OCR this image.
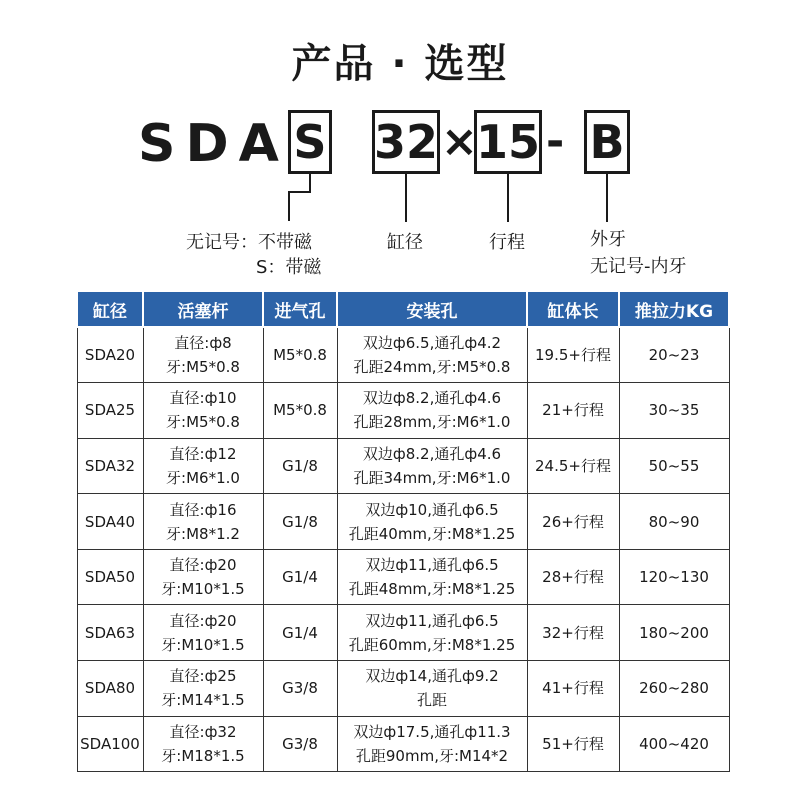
产品 · 选型
SDA S 32 ×
15 - B
无记号：不带磁
S：带磁
缸径	行程	外牙
无记号-内牙
缸径	活塞杆	进气孔	安装孔	缸体长	推拉力KG

SDA20	直径:ф8
牙:M5*0.8	M5*0.8	双边ф6.5,通孔ф4.2
孔距24mm,牙:M5*0.8	19.5+行程	20~23

SDA25	直径:ф10
牙:M5*0.8	M5*0.8	双边ф8.2,通孔ф4.6
孔距28mm,牙:M6*1.0	21+行程	30~35

SDA32	直径:ф12
牙:M6*1.0	G1/8	双边ф8.2,通孔ф4.6
孔距34mm,牙:M6*1.0	24.5+行程	50~55

SDA40	直径:ф16
牙:M8*1.2	G1/8	双边ф10,通孔ф6.5
孔距40mm,牙:M8*1.25	26+行程	80~90

SDA50	直径:ф20
牙:M10*1.5	G1/4	双边ф11,通孔ф6.5
孔距48mm,牙:M8*1.25	28+行程	120~130

SDA63	直径:ф20
牙:M10*1.5	G1/4	双边ф11,通孔ф6.5
孔距60mm,牙:M8*1.25	32+行程	180~200

SDA80	直径:ф25
牙:M14*1.5	G3/8	双边ф14,通孔ф9.2
孔距	41+行程	260~280

SDA100	直径:ф32
牙:M18*1.5	G3/8	双边ф17.5,通孔ф11.3
孔距90mm,牙:M14*2	51+行程	400~420
